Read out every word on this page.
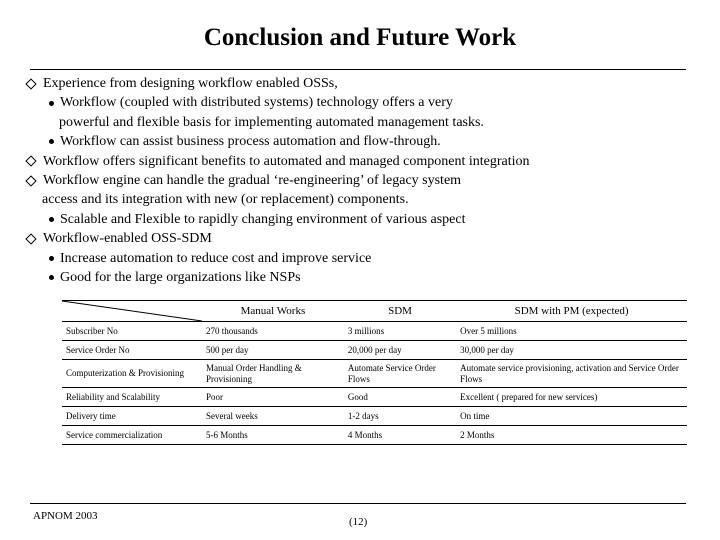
Conclusion and Future Work
Experience from designing workflow enabled OSSs,
Workflow (coupled with distributed systems) technology offers a very
powerful and flexible basis for implementing automated management tasks.
Workflow can assist business process automation and flow-through.
Workflow offers significant benefits to automated and managed component integration
Workflow engine can handle the gradual ‘re-engineering’ of legacy system
access and its integration with new (or replacement) components.
Scalable and Flexible to rapidly changing environment of various aspect
Workflow-enabled OSS-SDM
Increase automation to reduce cost and improve service
Good for the large organizations like NSPs
	Manual Works	SDM	SDM with PM (expected)
Subscriber No	270 thousands	3 millions	Over 5 millions
Service Order No	500 per day	20,000 per day	30,000 per day
Computerization & Provisioning	Manual Order Handling & Provisioning	Automate Service Order Flows	Automate service provisioning, activation and Service Order Flows
Reliability and Scalability	Poor	Good	Excellent ( prepared for new services)
Delivery time	Several weeks	1-2 days	On time
Service commercialization	5-6 Months	4 Months	2 Months
APNOM 2003	(12)
